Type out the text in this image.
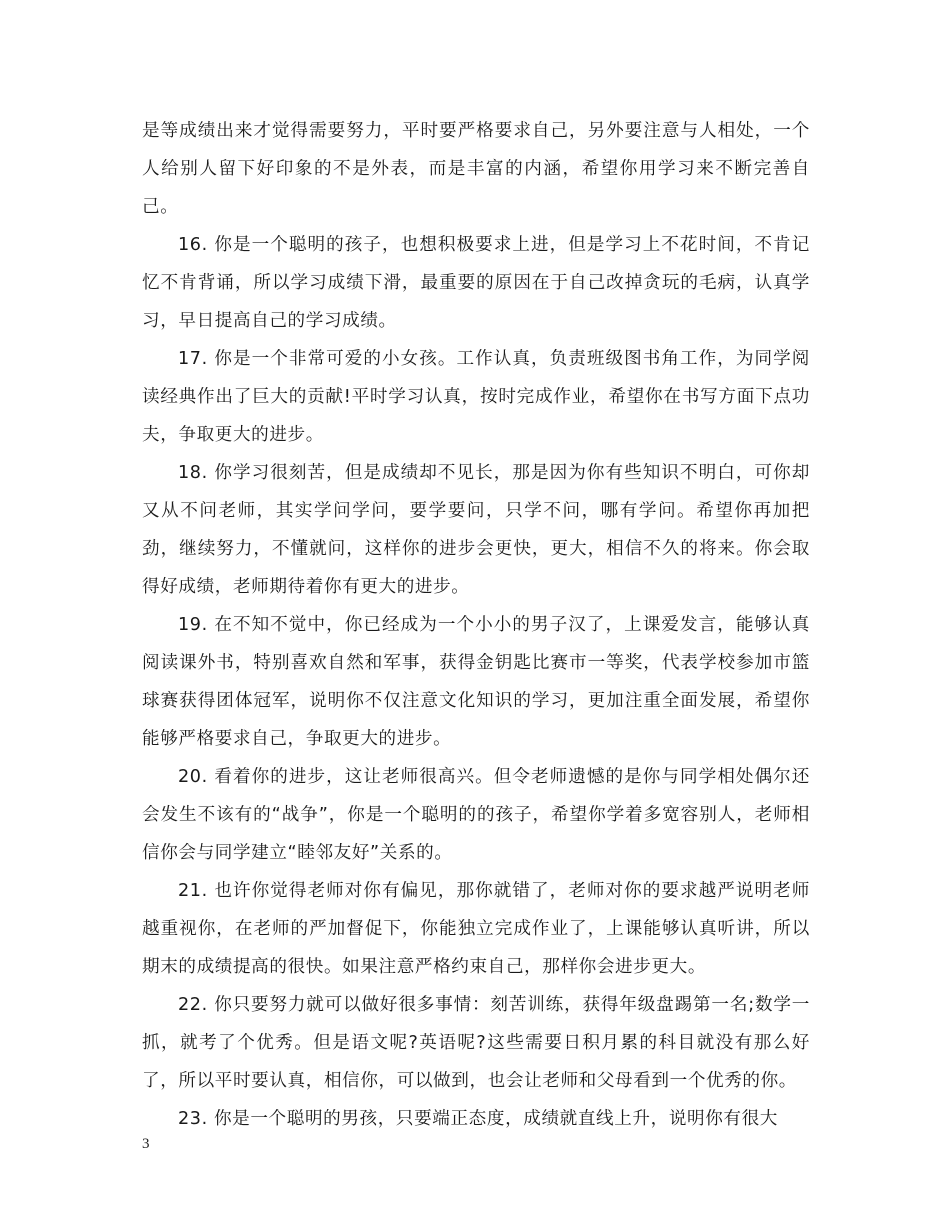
是等成绩出来才觉得需要努力，平时要严格要求自己，另外要注意与人相处，一个人给别人留下好印象的不是外表，而是丰富的内涵，希望你用学习来不断完善自己。

16. 你是一个聪明的孩子，也想积极要求上进，但是学习上不花时间，不肯记忆不肯背诵，所以学习成绩下滑，最重要的原因在于自己改掉贪玩的毛病，认真学习，早日提高自己的学习成绩。

17. 你是一个非常可爱的小女孩。工作认真，负责班级图书角工作，为同学阅读经典作出了巨大的贡献!平时学习认真，按时完成作业，希望你在书写方面下点功夫，争取更大的进步。

18. 你学习很刻苦，但是成绩却不见长，那是因为你有些知识不明白，可你却又从不问老师，其实学问学问，要学要问，只学不问，哪有学问。希望你再加把劲，继续努力，不懂就问，这样你的进步会更快，更大，相信不久的将来。你会取得好成绩，老师期待着你有更大的进步。

19. 在不知不觉中，你已经成为一个小小的男子汉了，上课爱发言，能够认真阅读课外书，特别喜欢自然和军事，获得金钥匙比赛市一等奖，代表学校参加市篮球赛获得团体冠军，说明你不仅注意文化知识的学习，更加注重全面发展，希望你能够严格要求自己，争取更大的进步。

20. 看着你的进步，这让老师很高兴。但令老师遗憾的是你与同学相处偶尔还会发生不该有的“战争”，你是一个聪明的的孩子，希望你学着多宽容别人，老师相信你会与同学建立“睦邻友好”关系的。

21. 也许你觉得老师对你有偏见，那你就错了，老师对你的要求越严说明老师越重视你，在老师的严加督促下，你能独立完成作业了，上课能够认真听讲，所以期末的成绩提高的很快。如果注意严格约束自己，那样你会进步更大。

22. 你只要努力就可以做好很多事情：刻苦训练，获得年级盘踢第一名;数学一抓，就考了个优秀。但是语文呢?英语呢?这些需要日积月累的科目就没有那么好了，所以平时要认真，相信你，可以做到，也会让老师和父母看到一个优秀的你。

23. 你是一个聪明的男孩，只要端正态度，成绩就直线上升，说明你有很大

3
